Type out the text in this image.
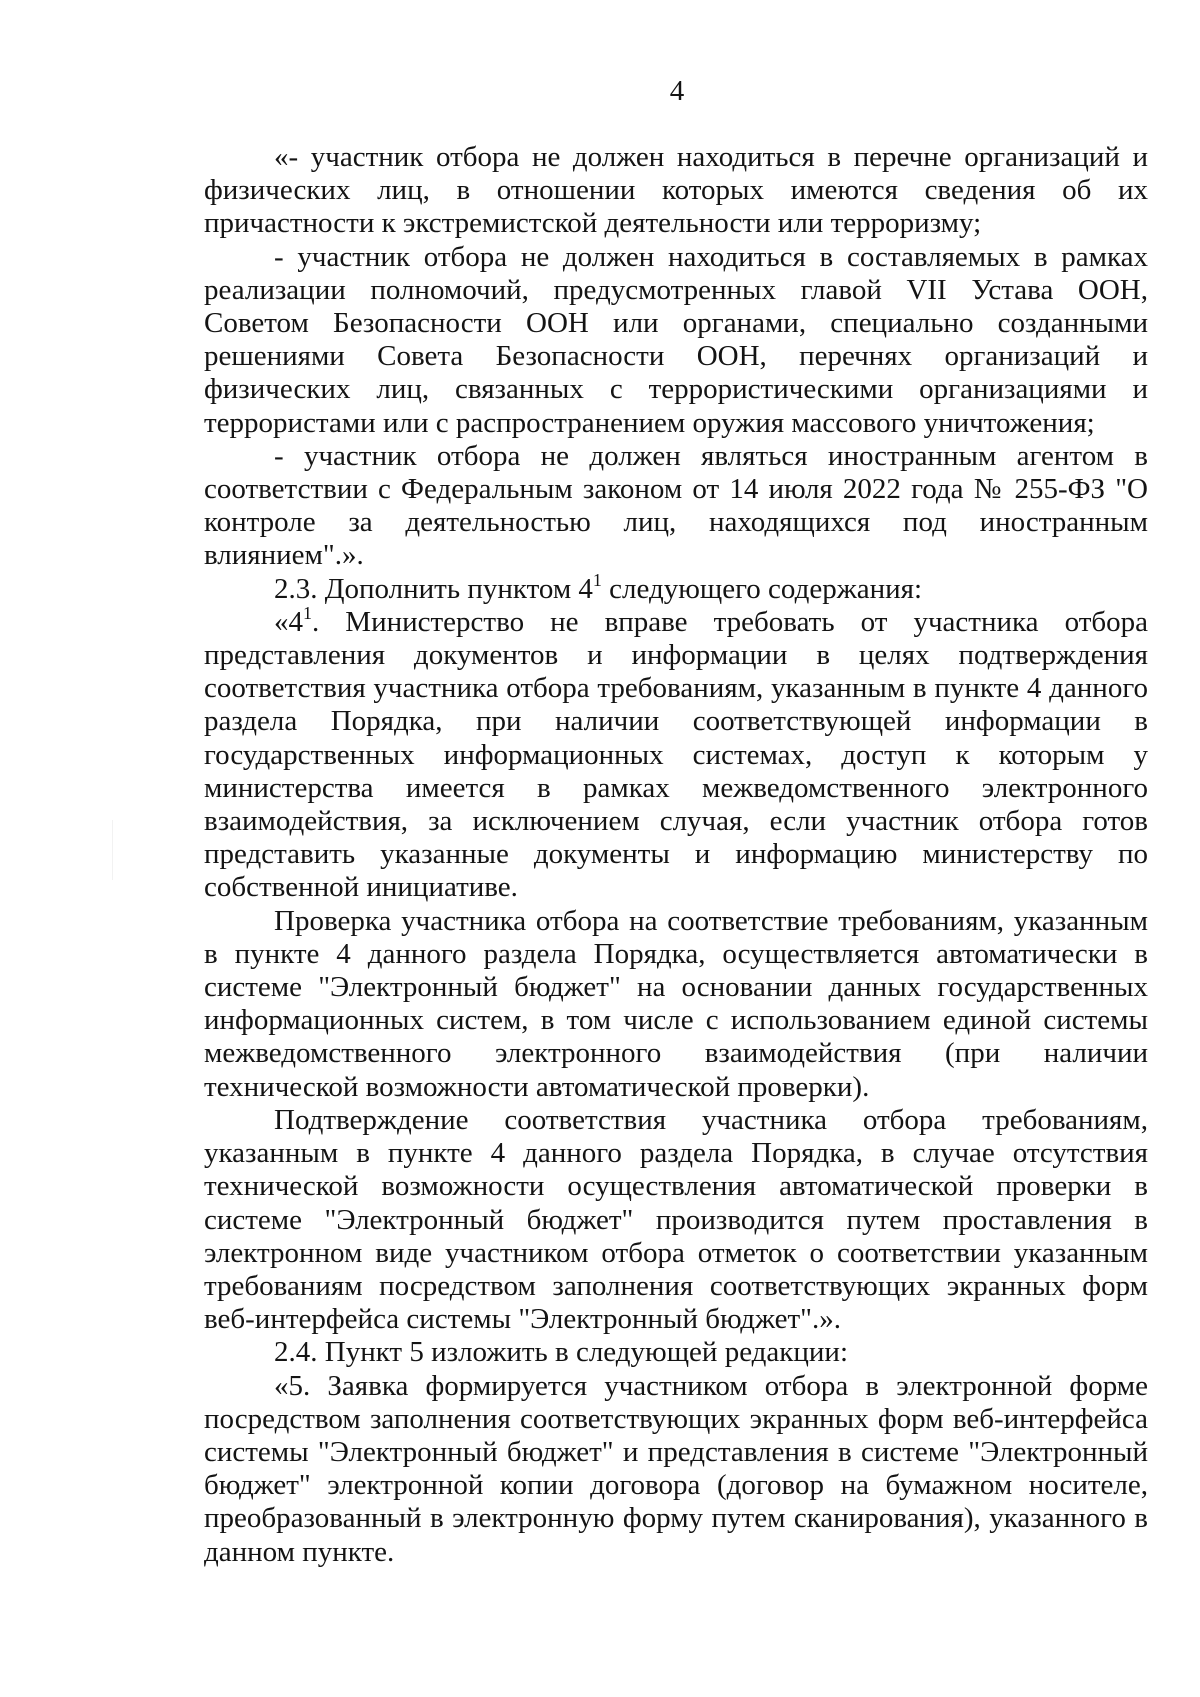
4

«- участник отбора не должен находиться в перечне организаций и физических лиц, в отношении которых имеются сведения об их причастности к экстремистской деятельности или терроризму;

- участник отбора не должен находиться в составляемых в рамках реализации полномочий, предусмотренных главой VII Устава ООН, Советом Безопасности ООН или органами, специально созданными решениями Совета Безопасности ООН, перечнях организаций и физических лиц, связанных с террористическими организациями и террористами или с распространением оружия массового уничтожения;

- участник отбора не должен являться иностранным агентом в соответствии с Федеральным законом от 14 июля 2022 года № 255-ФЗ "О контроле за деятельностью лиц, находящихся под иностранным влиянием".».

2.3. Дополнить пунктом $4^1$ следующего содержания:

«$4^1$. Министерство не вправе требовать от участника отбора представления документов и информации в целях подтверждения соответствия участника отбора требованиям, указанным в пункте 4 данного раздела Порядка, при наличии соответствующей информации в государственных информационных системах, доступ к которым у министерства имеется в рамках межведомственного электронного взаимодействия, за исключением случая, если участник отбора готов представить указанные документы и информацию министерству по собственной инициативе.

Проверка участника отбора на соответствие требованиям, указанным в пункте 4 данного раздела Порядка, осуществляется автоматически в системе "Электронный бюджет" на основании данных государственных информационных систем, в том числе с использованием единой системы межведомственного электронного взаимодействия (при наличии технической возможности автоматической проверки).

Подтверждение соответствия участника отбора требованиям, указанным в пункте 4 данного раздела Порядка, в случае отсутствия технической возможности осуществления автоматической проверки в системе "Электронный бюджет" производится путем проставления в электронном виде участником отбора отметок о соответствии указанным требованиям посредством заполнения соответствующих экранных форм веб-интерфейса системы "Электронный бюджет".».

2.4. Пункт 5 изложить в следующей редакции:

«5. Заявка формируется участником отбора в электронной форме посредством заполнения соответствующих экранных форм веб-интерфейса системы "Электронный бюджет" и представления в системе "Электронный бюджет" электронной копии договора (договор на бумажном носителе, преобразованный в электронную форму путем сканирования), указанного в данном пункте.
